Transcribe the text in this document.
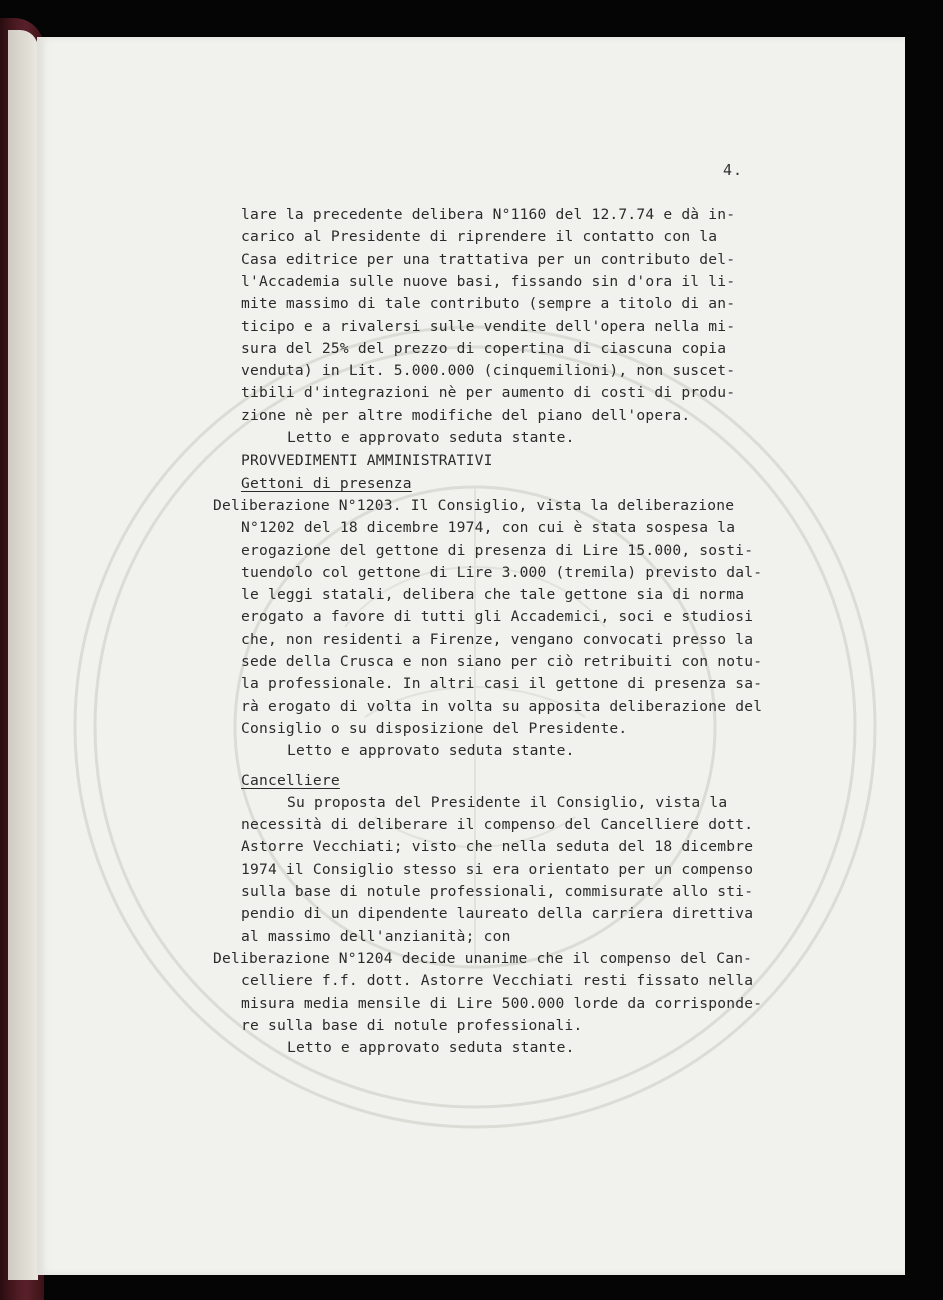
4.
lare la precedente delibera N°1160 del 12.7.74 e dà in-
carico al Presidente di riprendere il contatto con la
Casa editrice per una trattativa per un contributo del-
l'Accademia sulle nuove basi, fissando sin d'ora il li-
mite massimo di tale contributo (sempre a titolo di an-
ticipo e a rivalersi sulle vendite dell'opera nella mi-
sura del 25% del prezzo di copertina di ciascuna copia
venduta) in Lit. 5.000.000 (cinquemilioni), non suscet-
tibili d'integrazioni nè per aumento di costi di produ-
zione nè per altre modifiche del piano dell'opera.
Letto e approvato seduta stante.
PROVVEDIMENTI AMMINISTRATIVI
Gettoni di presenza
Deliberazione N°1203. Il Consiglio, vista la deliberazione
N°1202 del 18 dicembre 1974, con cui è stata sospesa la
erogazione del gettone di presenza di Lire 15.000, sosti-
tuendolo col gettone di Lire 3.000 (tremila) previsto dal-
le leggi statali, delibera che tale gettone sia di norma
erogato a favore di tutti gli Accademici, soci e studiosi
che, non residenti a Firenze, vengano convocati presso la
sede della Crusca e non siano per ciò retribuiti con notu-
la professionale. In altri casi il gettone di presenza sa-
rà erogato di volta in volta su apposita deliberazione del
Consiglio o su disposizione del Presidente.
Letto e approvato seduta stante.
Cancelliere
Su proposta del Presidente il Consiglio, vista la
necessità di deliberare il compenso del Cancelliere dott.
Astorre Vecchiati; visto che nella seduta del 18 dicembre
1974 il Consiglio stesso si era orientato per un compenso
sulla base di notule professionali, commisurate allo sti-
pendio di un dipendente laureato della carriera direttiva
al massimo dell'anzianità; con
Deliberazione N°1204 decide unanime che il compenso del Can-
celliere f.f. dott. Astorre Vecchiati resti fissato nella
misura media mensile di Lire 500.000 lorde da corrisponde-
re sulla base di notule professionali.
Letto e approvato seduta stante.
